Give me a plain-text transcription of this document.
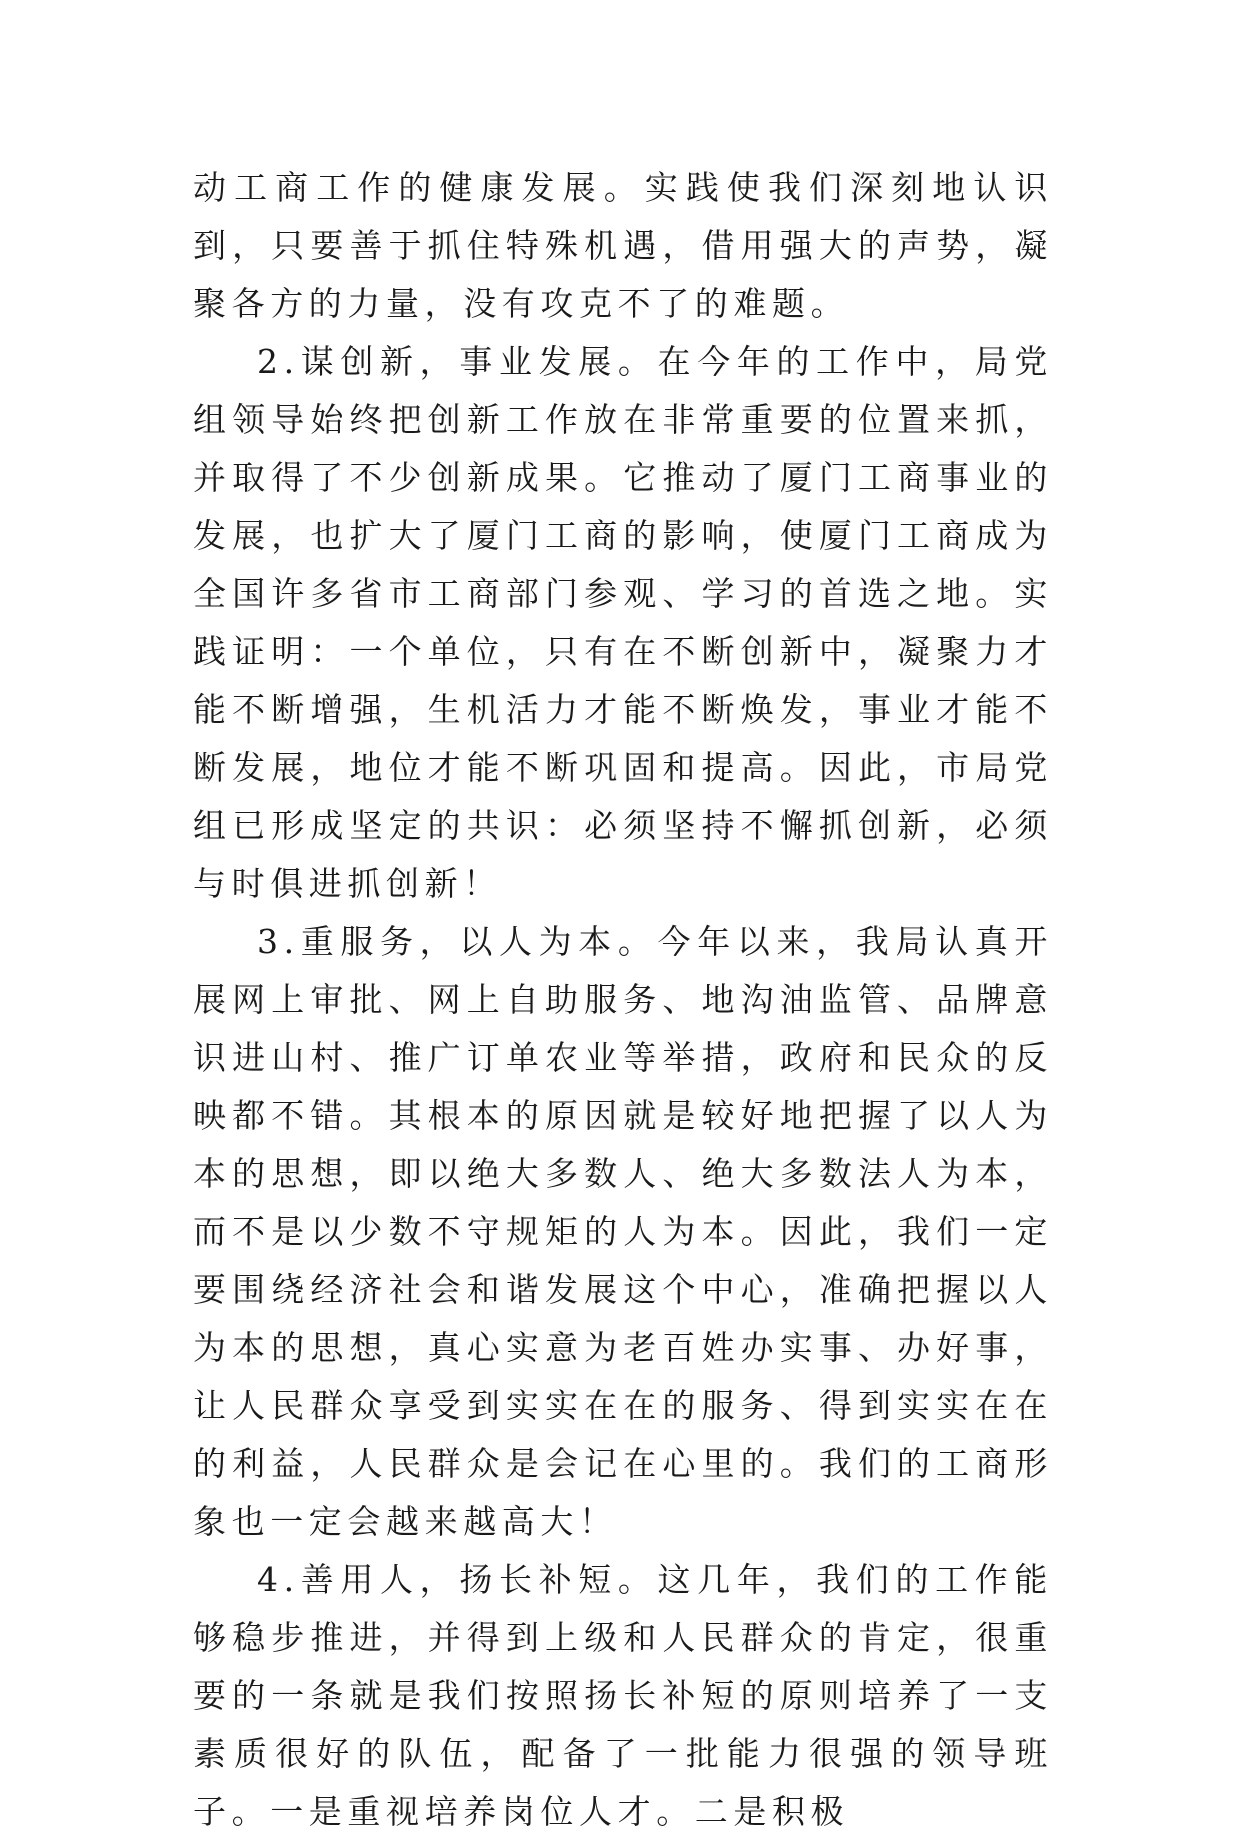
动工商工作的健康发展。实践使我们深刻地认识到，只要善于抓住特殊机遇，借用强大的声势，凝聚各方的力量，没有攻克不了的难题。

2.谋创新，事业发展。在今年的工作中，局党组领导始终把创新工作放在非常重要的位置来抓，并取得了不少创新成果。它推动了厦门工商事业的发展，也扩大了厦门工商的影响，使厦门工商成为全国许多省市工商部门参观、学习的首选之地。实践证明：一个单位，只有在不断创新中，凝聚力才能不断增强，生机活力才能不断焕发，事业才能不断发展，地位才能不断巩固和提高。因此，市局党组已形成坚定的共识：必须坚持不懈抓创新，必须与时俱进抓创新！

3.重服务，以人为本。今年以来，我局认真开展网上审批、网上自助服务、地沟油监管、品牌意识进山村、推广订单农业等举措，政府和民众的反映都不错。其根本的原因就是较好地把握了以人为本的思想，即以绝大多数人、绝大多数法人为本，而不是以少数不守规矩的人为本。因此，我们一定要围绕经济社会和谐发展这个中心，准确把握以人为本的思想，真心实意为老百姓办实事、办好事，让人民群众享受到实实在在的服务、得到实实在在的利益，人民群众是会记在心里的。我们的工商形象也一定会越来越高大！

4.善用人，扬长补短。这几年，我们的工作能够稳步推进，并得到上级和人民群众的肯定，很重要的一条就是我们按照扬长补短的原则培养了一支素质很好的队伍，配备了一批能力很强的领导班子。一是重视培养岗位人才。二是积极
